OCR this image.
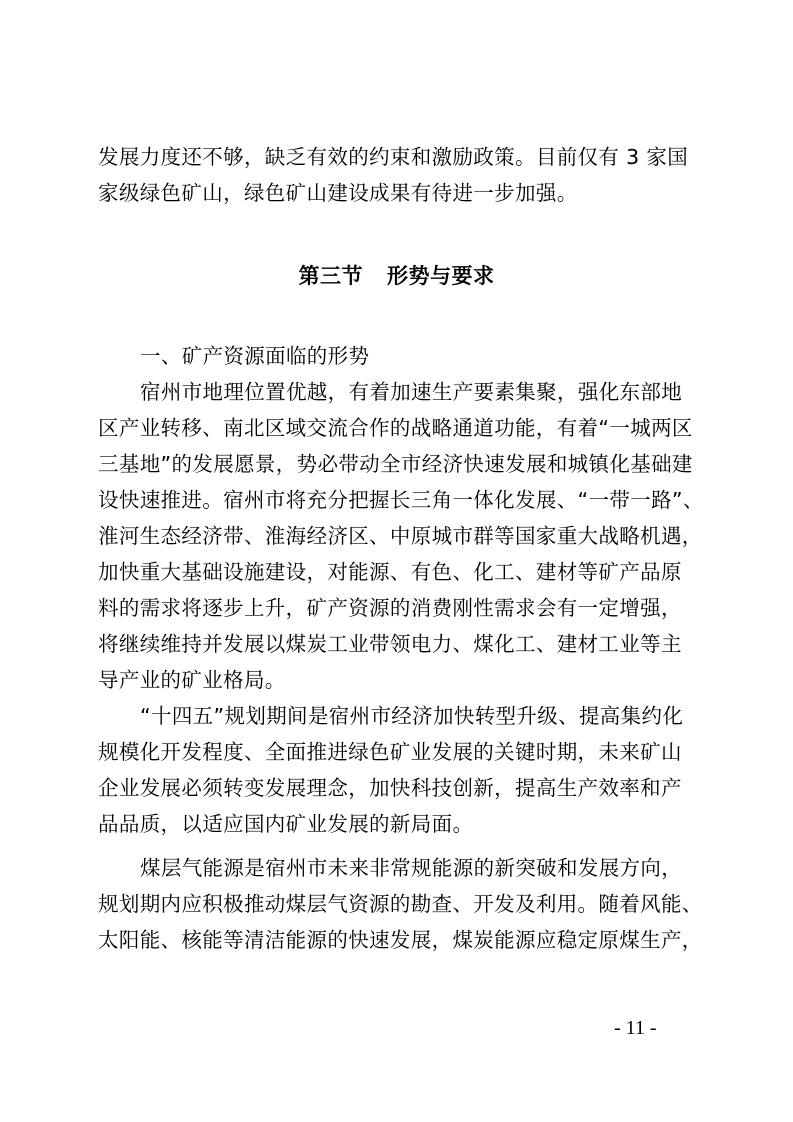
发展力度还不够，缺乏有效的约束和激励政策。目前仅有 3 家国
家级绿色矿山，绿色矿山建设成果有待进一步加强。
第三节 形势与要求
一、矿产资源面临的形势
宿州市地理位置优越，有着加速生产要素集聚，强化东部地
区产业转移、南北区域交流合作的战略通道功能，有着“一城两区
三基地”的发展愿景，势必带动全市经济快速发展和城镇化基础建
设快速推进。宿州市将充分把握长三角一体化发展、“一带一路”、
淮河生态经济带、淮海经济区、中原城市群等国家重大战略机遇，
加快重大基础设施建设，对能源、有色、化工、建材等矿产品原
料的需求将逐步上升，矿产资源的消费刚性需求会有一定增强，
将继续维持并发展以煤炭工业带领电力、煤化工、建材工业等主
导产业的矿业格局。
“十四五”规划期间是宿州市经济加快转型升级、提高集约化
规模化开发程度、全面推进绿色矿业发展的关键时期，未来矿山
企业发展必须转变发展理念，加快科技创新，提高生产效率和产
品品质，以适应国内矿业发展的新局面。
煤层气能源是宿州市未来非常规能源的新突破和发展方向，
规划期内应积极推动煤层气资源的勘查、开发及利用。随着风能、
太阳能、核能等清洁能源的快速发展，煤炭能源应稳定原煤生产，
- 11 -
